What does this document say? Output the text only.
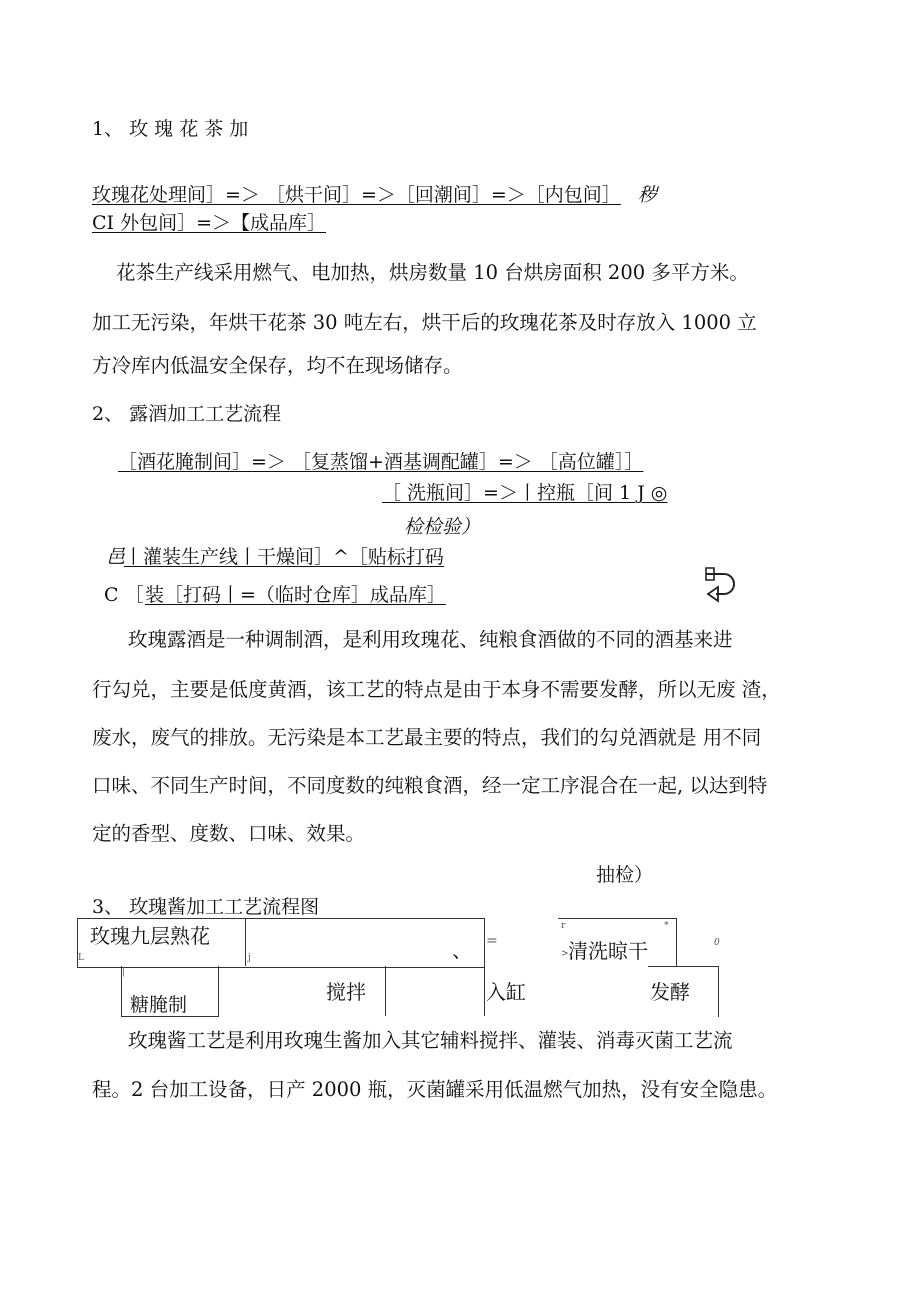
1、 玫 瑰 花 茶 加
玫瑰花处理间］=＞ ［烘干间］=＞［回潮间］=＞［内包间］ 秽
CI 外包间］=＞【成品库］
花茶生产线采用燃气、电加热，烘房数量 10 台烘房面积 200 多平方米。
加工无污染，年烘干花茶 30 吨左右，烘干后的玫瑰花茶及时存放入 1000 立
方冷库内低温安全保存，均不在现场储存。
2、 露酒加工工艺流程
［酒花腌制间］=＞ ［复蒸馏+酒基调配罐］=＞ ［高位罐］］
［ 洗瓶间］=＞丨控瓶［间 1 J ◎
检检验）
邑
丨灌装生产线丨干燥间］^［贴标打码
C ［ 装［打码丨=（临时仓库］成品库］
玫瑰露酒是一种调制酒，是利用玫瑰花、纯粮食酒做的不同的酒基来进
行勾兑，主要是低度黄酒，该工艺的特点是由于本身不需要发酵，所以无废 渣，
废水，废气的排放。无污染是本工艺最主要的特点，我们的勾兑酒就是 用不同
口味、不同生产时间，不同度数的纯粮食酒，经一定工序混合在一起, 以达到特
定的香型、度数、口味、效果。
抽检）
3、 玫瑰酱加工工艺流程图
玫瑰九层熟花
L	j	、 =
r	*
> 清洗晾干	0
|
糖腌制
搅拌	入缸	发酵
玫瑰酱工艺是利用玫瑰生酱加入其它辅料搅拌、灌装、消毒灭菌工艺流
程。2 台加工设备，日产 2000 瓶，灭菌罐采用低温燃气加热，没有安全隐患。
